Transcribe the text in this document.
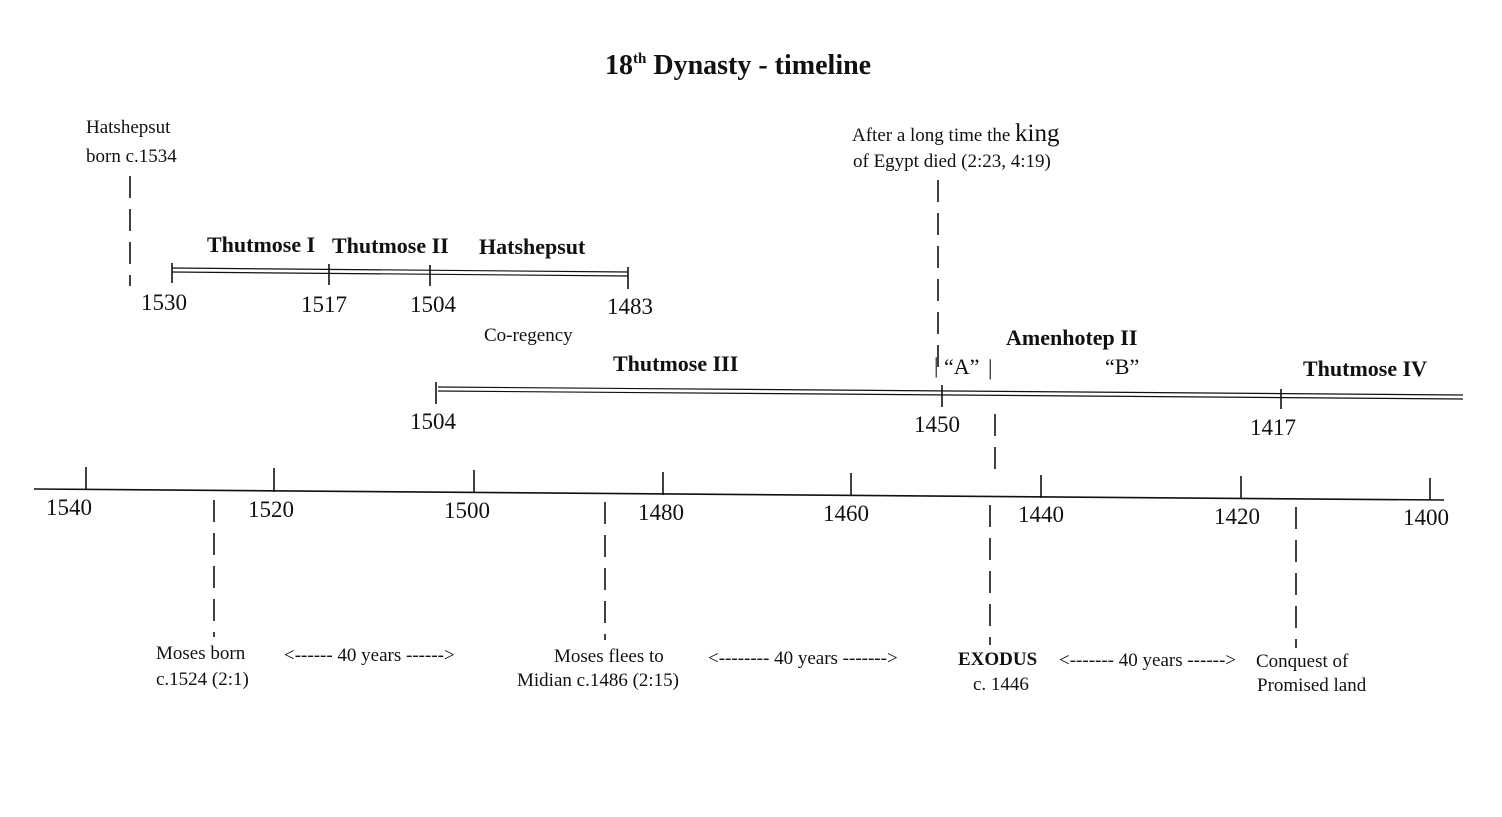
18th Dynasty - timeline
Hatshepsut
born c.1534
After a long time the king
of Egypt died (2:23, 4:19)
Thutmose I Thutmose II Hatshepsut
1530	1517	1504	1483
Co-regency
Thutmose III
Amenhotep II
Thutmose IV
| “A” |	“B”
1504	1450	1417
1540	1520	1500	1480	1460	1440	1420	1400
Moses born
c.1524 (2:1)
<------ 40 years ------>	Moses flees to
Midian c.1486 (2:15)
<-------- 40 years ------->	EXODUS
c. 1446
<------- 40 years ------> Conquest of
Promised land
